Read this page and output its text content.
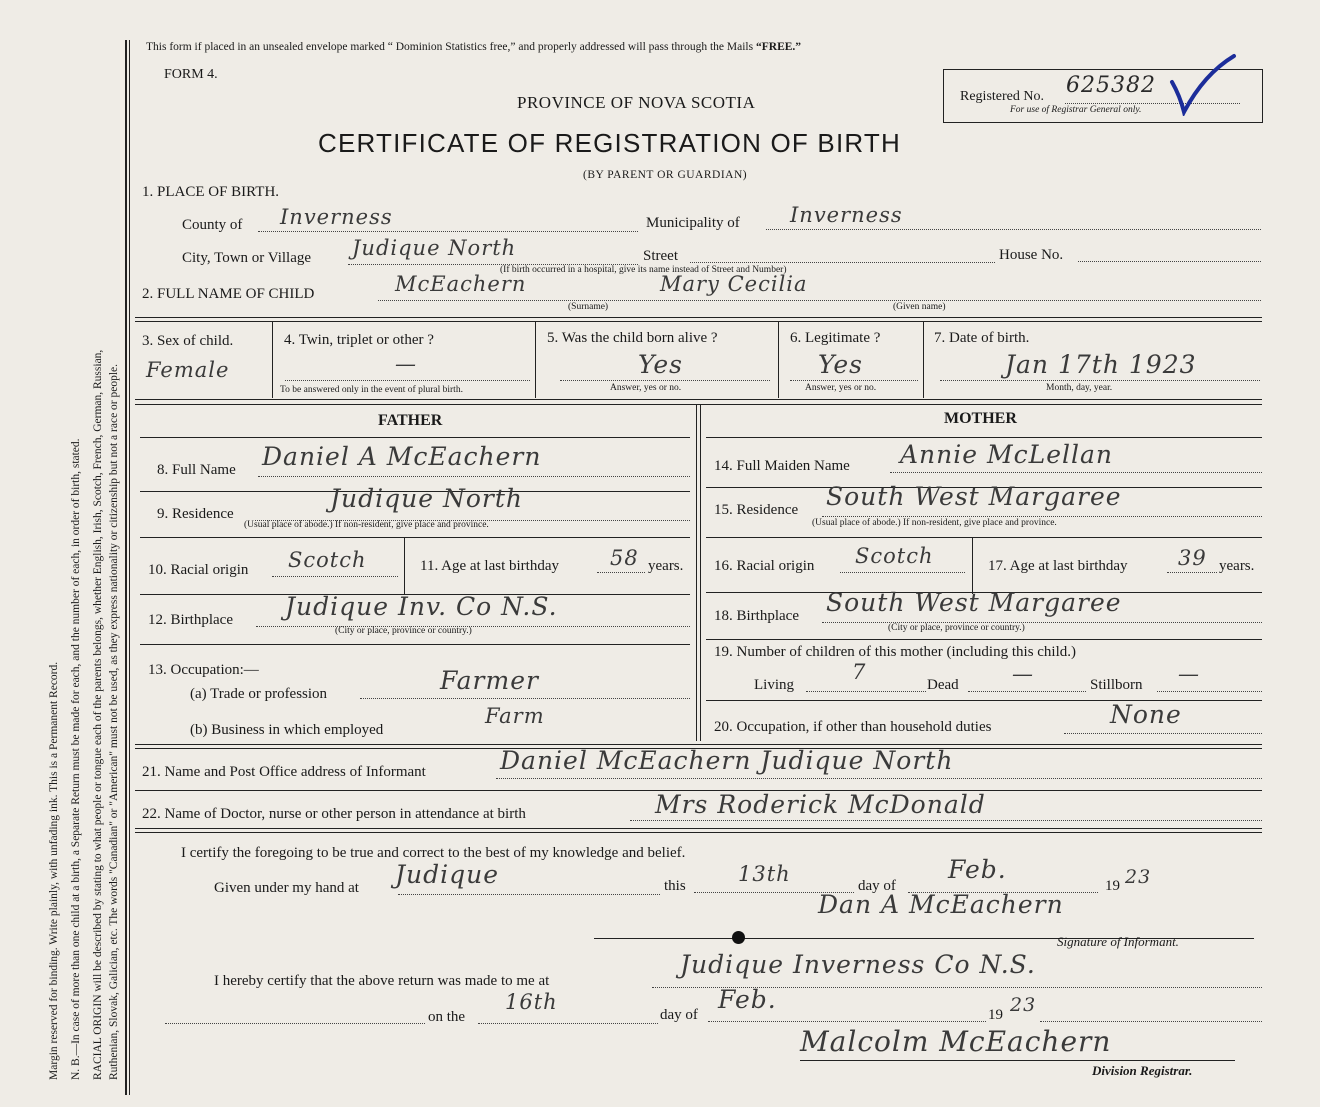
Margin reserved for binding. Write plainly, with unfading ink. This is a Permanent Record. N. B.—In case of more than one child at a birth, a Separate Return must be made for each, and the number of each, in order of birth, stated. RACIAL ORIGIN will be described by stating to what people or tongue each of the parents belongs, whether English, Irish, Scotch, French, German, Russian, Ruthenian, Slovak, Galician, etc. The words "Canadian" or "American" must not be used, as they express nationality or citizenship but not a race or people.
This form if placed in an unsealed envelope marked “ Dominion Statistics free,” and properly addressed will pass through the Mails “FREE.”
FORM 4.
PROVINCE OF NOVA SCOTIA
CERTIFICATE OF REGISTRATION OF BIRTH
(BY PARENT OR GUARDIAN)
Registered No. 625382
For use of Registrar General only.
1. PLACE OF BIRTH.
County of Inverness	Municipality of Inverness
City, Town or Village Judique North	Street	House No.
(If birth occurred in a hospital, give its name instead of Street and Number)
2. FULL NAME OF CHILD	McEachern	Mary Cecilia
(Surname)	(Given name)
3. Sex of child.
Female
4. Twin, triplet or other ?
—
To be answered only in the event of plural birth.
5. Was the child born alive ?
Yes
Answer, yes or no.
6. Legitimate ?
Yes
Answer, yes or no.
7. Date of birth.
Jan 17th 1923
Month, day, year.
FATHER
8. Full Name Daniel A McEachern
9. Residence
Judique North
(Usual place of abode.) If non-resident, give place and province.
10. Racial origin Scotch	11. Age at last birthday 58 years.
12. Birthplace Judique Inv. Co N.S.
(City or place, province or country.)
13. Occupation:—
(a) Trade or profession	Farmer
(b) Business in which employed
Farm
MOTHER
14. Full Maiden Name Annie McLellan
15. Residence South West Margaree
(Usual place of abode.) If non-resident, give place and province.
16. Racial origin Scotch	17. Age at last birthday 39 years.
18. Birthplace South West Margaree
(City or place, province or country.)
19. Number of children of this mother (including this child.)
Living
7
Dead	—	Stillborn —
20. Occupation, if other than household duties	None
21. Name and Post Office address of Informant	Daniel McEachern Judique North
22. Name of Doctor, nurse or other person in attendance at birth	Mrs Roderick McDonald
I certify the foregoing to be true and correct to the best of my knowledge and belief.
Given under my hand at Judique	this 13th	day of
Feb.
19 23
Dan A McEachern
Signature of Informant.
I hereby certify that the above return was made to me at
Judique Inverness Co N.S.
on the
16th
day of
Feb.
19 23
Malcolm McEachern
Division Registrar.
